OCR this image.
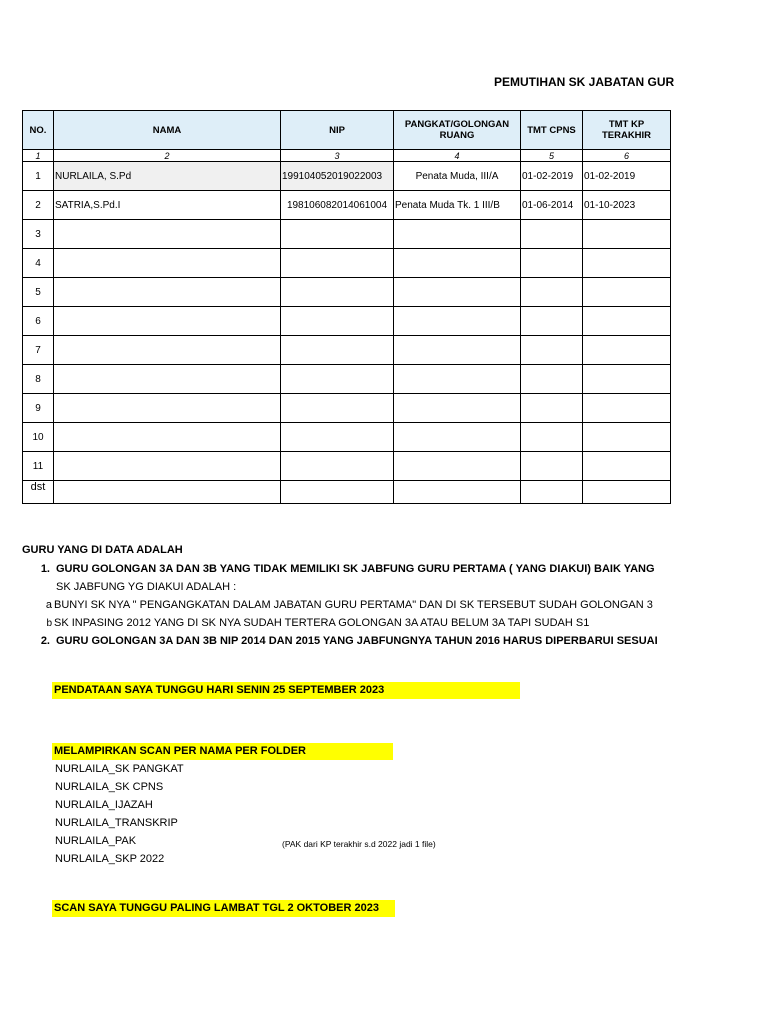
PEMUTIHAN SK JABATAN GUR
NO.	NAMA	NIP	PANGKAT/GOLONGAN RUANG	TMT CPNS	TMT KP TERAKHIR
1	2	3	4	5	6
1	NURLAILA, S.Pd	199104052019022003	Penata Muda, III/A	01-02-2019	01-02-2019
2	SATRIA,S.Pd.I	198106082014061004	Penata Muda Tk. 1 III/B	01-06-2014	01-10-2023
3					
4					
5					
6					
7					
8					
9					
10					
11					
dst					
GURU YANG DI DATA ADALAH
1. GURU GOLONGAN 3A DAN 3B YANG TIDAK MEMILIKI SK JABFUNG GURU PERTAMA ( YANG DIAKUI) BAIK YANG
SK JABFUNG YG DIAKUI ADALAH :
a BUNYI SK NYA " PENGANGKATAN DALAM JABATAN GURU PERTAMA" DAN DI SK TERSEBUT SUDAH GOLONGAN 3
b SK INPASING 2012 YANG DI SK NYA SUDAH TERTERA GOLONGAN 3A ATAU BELUM 3A TAPI SUDAH S1
2. GURU GOLONGAN 3A DAN 3B NIP 2014 DAN 2015 YANG JABFUNGNYA TAHUN 2016 HARUS DIPERBARUI SESUAI
PENDATAAN SAYA TUNGGU HARI SENIN 25 SEPTEMBER 2023
MELAMPIRKAN SCAN PER NAMA PER FOLDER
NURLAILA_SK PANGKAT
NURLAILA_SK CPNS
NURLAILA_IJAZAH
NURLAILA_TRANSKRIP
NURLAILA_PAK	(PAK dari KP terakhir s.d 2022 jadi 1 file)
NURLAILA_SKP 2022
SCAN SAYA TUNGGU PALING LAMBAT TGL 2 OKTOBER 2023
